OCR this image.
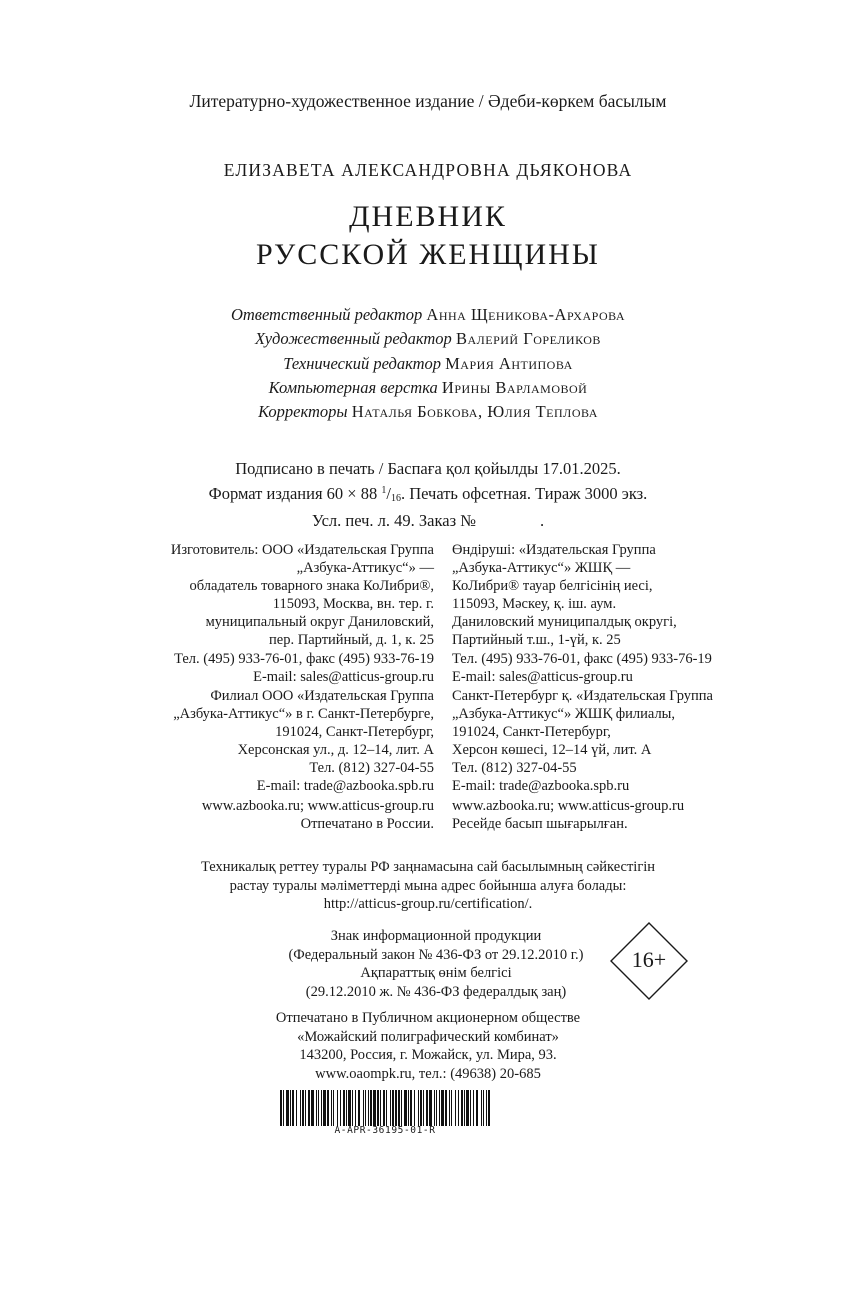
Литературно-художественное издание / Әдеби-көркем басылым
ЕЛИЗАВЕТА АЛЕКСАНДРОВНА ДЬЯКОНОВА
ДНЕВНИК
РУССКОЙ ЖЕНЩИНЫ
Ответственный редактор Анна Щеникова-Архарова
Художественный редактор Валерий Гореликов
Технический редактор Мария Антипова
Компьютерная верстка Ирины Варламовой
Корректоры Наталья Бобкова, Юлия Теплова
Подписано в печать / Баспаға қол қойылды 17.01.2025.
Формат издания 60 × 88 $^1/_{16}$. Печать офсетная. Тираж 3000 экз.
Усл. печ. л. 49. Заказ №	.
Изготовитель: ООО «Издательская Группа
„Азбука-Аттикус“» —
обладатель товарного знака КоЛибри®,
115093, Москва, вн. тер. г.
муниципальный округ Даниловский,
пер. Партийный, д. 1, к. 25
Тел. (495) 933-76-01, факс (495) 933-76-19
E-mail: sales@atticus-group.ru
Өндіруші: «Издательская Группа
„Азбука-Аттикус“» ЖШҚ —
КоЛибри® тауар белгісінің иесі,
115093, Мәскеу, қ. іш. аум.
Даниловский муниципалдық округі,
Партийный т.ш., 1-үй, к. 25
Тел. (495) 933-76-01, факс (495) 933-76-19
E-mail: sales@atticus-group.ru
Филиал ООО «Издательская Группа
„Азбука-Аттикус“» в г. Санкт-Петербурге,
191024, Санкт-Петербург,
Херсонская ул., д. 12–14, лит. А
Тел. (812) 327-04-55
E-mail: trade@azbooka.spb.ru
Санкт-Петербург қ. «Издательская Группа
„Азбука-Аттикус“» ЖШҚ филиалы,
191024, Санкт-Петербург,
Херсон көшесі, 12–14 үй, лит. А
Тел. (812) 327-04-55
E-mail: trade@azbooka.spb.ru
www.azbooka.ru; www.atticus-group.ru
Отпечатано в России.
www.azbooka.ru; www.atticus-group.ru
Ресейде басып шығарылған.
Техникалық реттеу туралы РФ заңнамасына сай басылымның сәйкестігін
растау туралы мәліметтерді мына адрес бойынша алуға болады:
http://atticus-group.ru/certification/.
Знак информационной продукции
(Федеральный закон № 436-ФЗ от 29.12.2010 г.)
Ақпараттық өнім белгісі
(29.12.2010 ж. № 436-ФЗ федералдық заң)
16+
Отпечатано в Публичном акционерном обществе
«Можайский полиграфический комбинат»
143200, Россия, г. Можайск, ул. Мира, 93.
www.oaompk.ru, тел.: (49638) 20-685
A-APR-36195-01-R
